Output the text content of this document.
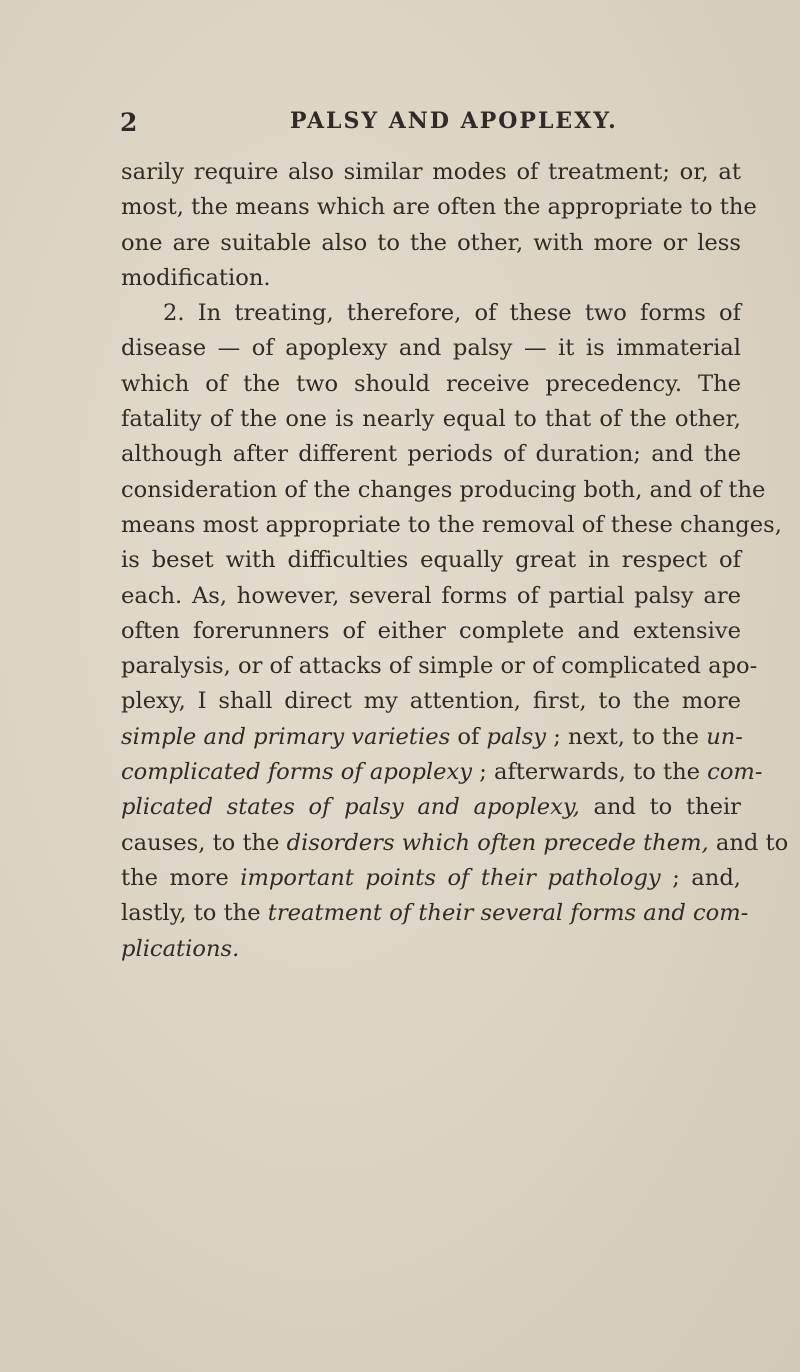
2	PALSY AND APOPLEXY.
sarily require also similar modes of treatment; or, at
most, the means which are often the appropriate to the
one are suitable also to the other, with more or less
modification.
2. In treating, therefore, of these two forms of
disease — of apoplexy and palsy — it is immaterial
which of the two should receive precedency. The
fatality of the one is nearly equal to that of the other,
although after different periods of duration; and the
consideration of the changes producing both, and of the
means most appropriate to the removal of these changes,
is beset with difficulties equally great in respect of
each. As, however, several forms of partial palsy are
often forerunners of either complete and extensive
paralysis, or of attacks of simple or of complicated apo-
plexy, I shall direct my attention, first, to the more
simple and primary varieties of palsy ; next, to the un-
complicated forms of apoplexy ; afterwards, to the com-
plicated states of palsy and apoplexy, and to their
causes, to the disorders which often precede them, and to
the more important points of their pathology ; and,
lastly, to the treatment of their several forms and com-
plications.
